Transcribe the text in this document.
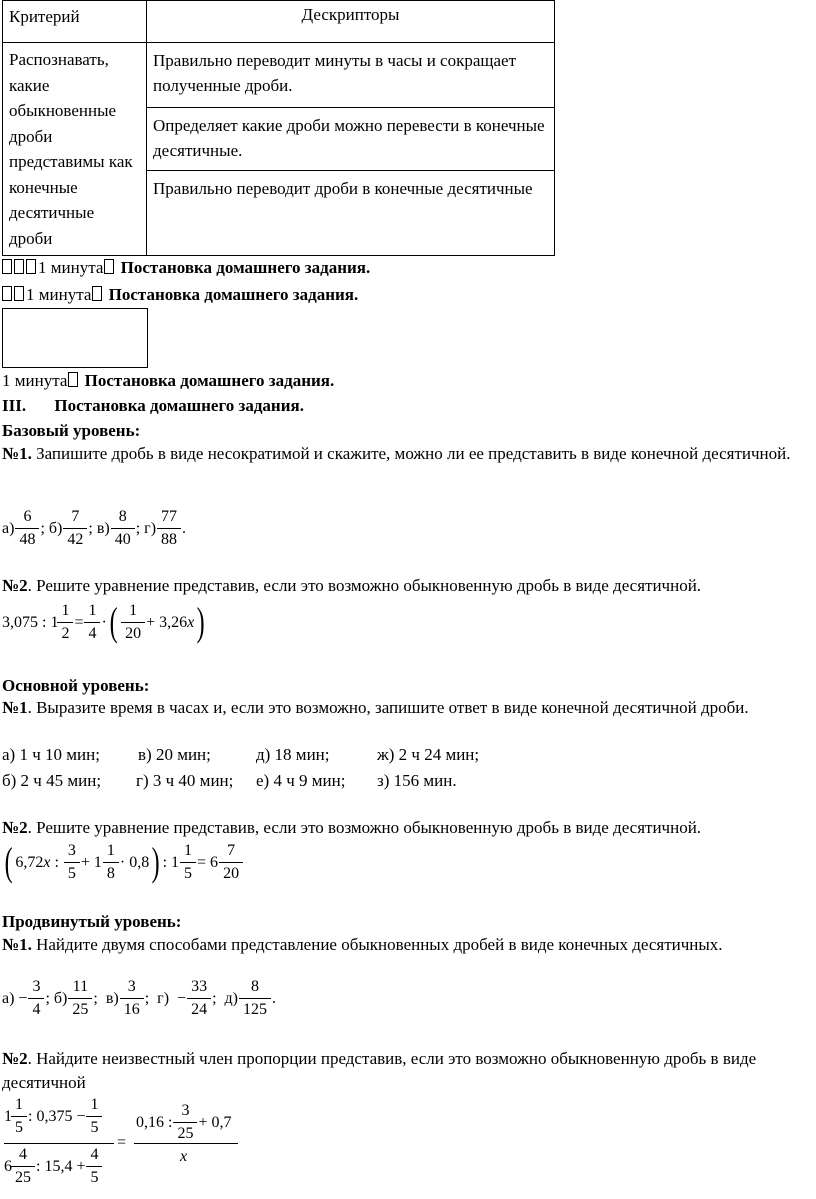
Критерий	Дескрипторы

Распознавать, какие обыкновенные дроби представимы как конечные десятичные дроби	Правильно переводит минуты в часы и сокращает полученные дроби.
Определяет какие дроби можно перевести в конечные десятичные.
Правильно переводит дроби в конечные десятичные
1 минута Постановка домашнего задания.
1 минута Постановка домашнего задания.
1 минута Постановка домашнего задания.
III. Постановка домашнего задания.
Базовый уровень:
№1. Запишите дробь в виде несократимой и скажите, можно ли ее представить в виде конечной десятичной.
$а) \frac{6}{48}$ ;
$б) \frac{7}{42}$ ;
$в) \frac{8}{40}$ ;
$г) \frac{77}{88}$ .
№2. Решите уравнение представив, если это возможно обыкновенную дробь в виде десятичной.
3,075 : $1 \frac{1}{2} = \frac{1}{4}$ · ( $\frac{1}{20} + 3,26$ x )
Основной уровень:
№1. Выразите время в часах и, если это возможно, запишите ответ в виде конечной десятичной дроби.
а) 1 ч 10 мин; в) 20 мин;	д) 18 мин;	ж) 2 ч 24 мин;
б) 2 ч 45 мин; г) 3 ч 40 мин; е) 4 ч 9 мин; з) 156 мин.
№2. Решите уравнение представив, если это возможно обыкновенную дробь в виде десятичной.
( 6,72 x : $\frac{3}{5} + 1 \frac{1}{8} \cdot 0,8$ ) : $1 \frac{1}{5} = 6 \frac{7}{20}$
Продвинутый уровень:
№1. Найдите двумя способами представление обыкновенных дробей в виде конечных десятичных.
$а) - \frac{3}{4}$ ; $б) \frac{11}{25}$ ;  $в) \frac{3}{16}$ ;  $г) - \frac{33}{24}$ ;  $д) \frac{8}{125}$ .
№2. Найдите неизвестный член пропорции представив, если это возможно обыкновенную дробь в виде десятичной
$1 \frac{1}{5}$ : $0,375 - \frac{1}{5}$
$6 \frac{4}{25}$ : $15,4 + \frac{4}{5}$
=
0,16 : $\frac{3}{25} + 0,7$
x
